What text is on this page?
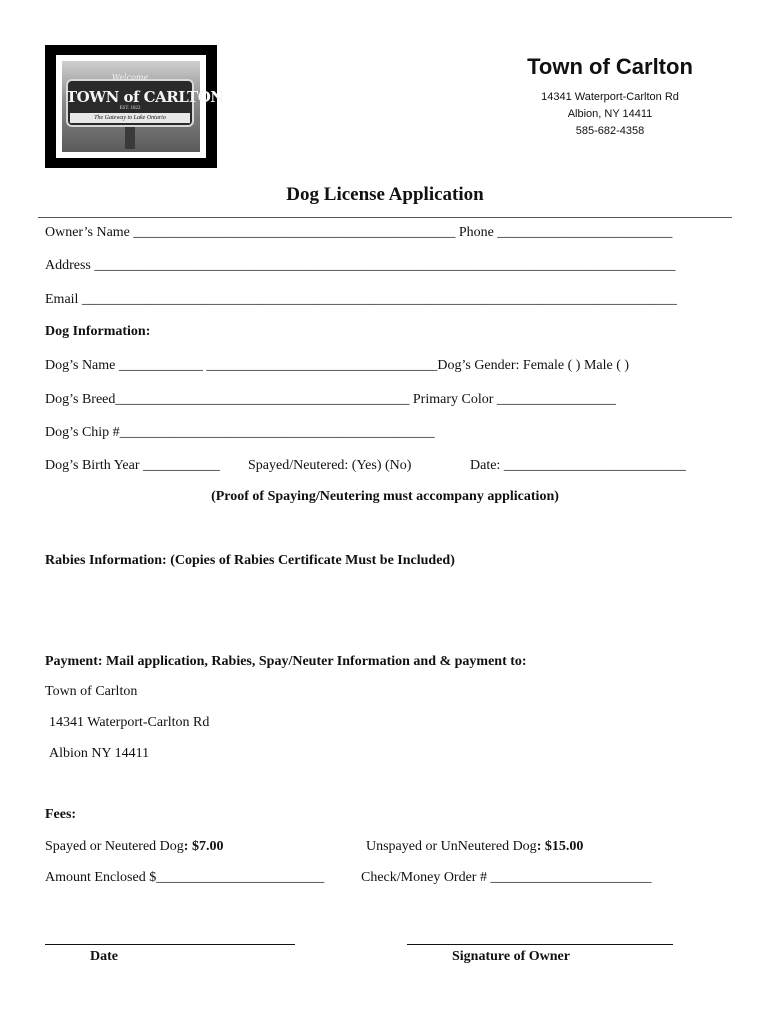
Welcome
TOWN of CARLTON
EST. 1822
The Gateway to Lake Ontario
Town of Carlton
14341 Waterport-Carlton Rd
Albion, NY 14411
585-682-4358
Dog License Application
Owner’s Name ______________________________________________ Phone _________________________
Address ___________________________________________________________________________________
Email _____________________________________________________________________________________
Dog Information:
Dog’s Name ____________ _________________________________Dog’s Gender: Female ( ) Male ( )
Dog’s Breed__________________________________________ Primary Color _________________
Dog’s Chip #_____________________________________________
Dog’s Birth Year ___________ Spayed/Neutered: (Yes) (No)	Date: __________________________
(Proof of Spaying/Neutering must accompany application)
Rabies Information: (Copies of Rabies Certificate Must be Included)
Payment: Mail application, Rabies, Spay/Neuter Information and & payment to:
Town of Carlton
14341 Waterport-Carlton Rd
Albion NY 14411
Fees:
Spayed or Neutered Dog: $7.00	Unspayed or UnNeutered Dog: $15.00
Amount Enclosed $________________________	Check/Money Order # _______________________
Date	Signature of Owner
